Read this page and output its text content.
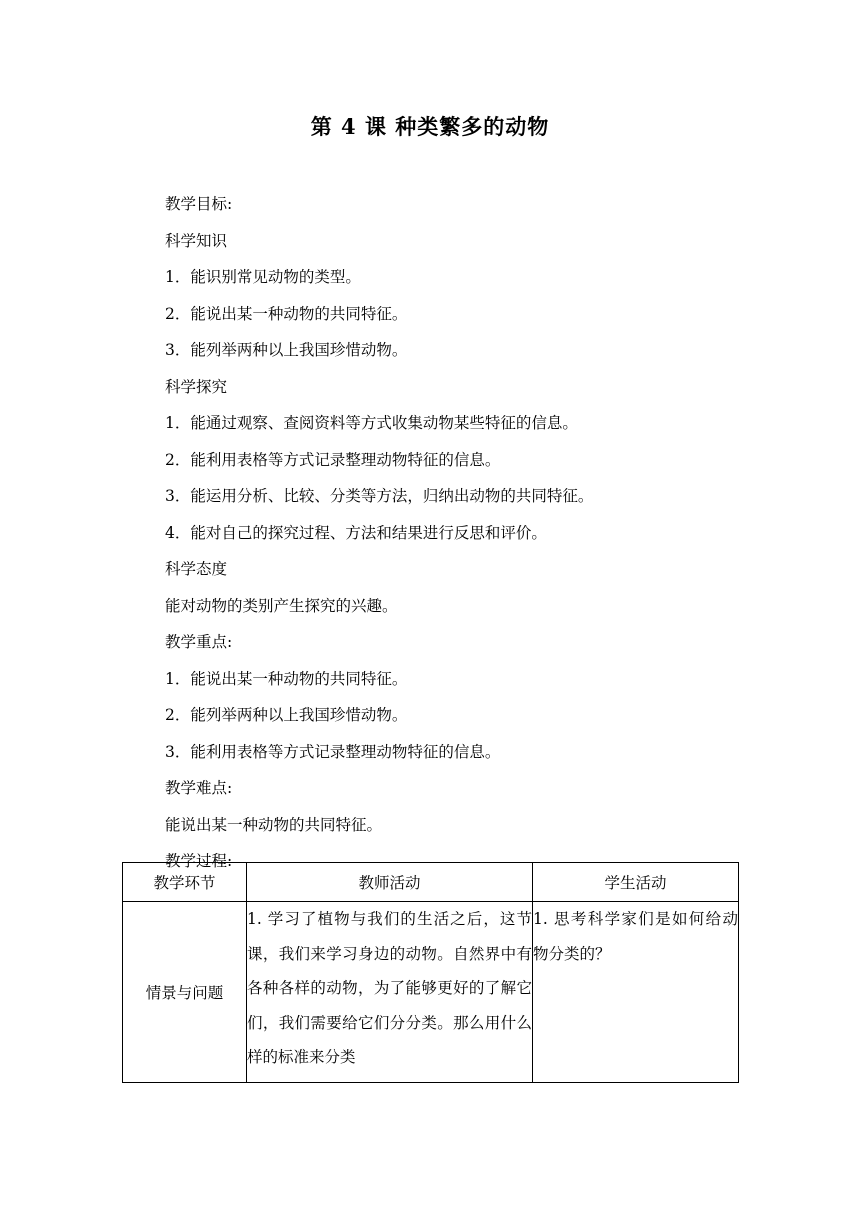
第 4 课 种类繁多的动物
教学目标:
科学知识
1．能识别常见动物的类型。
2．能说出某一种动物的共同特征。
3．能列举两种以上我国珍惜动物。
科学探究
1．能通过观察、查阅资料等方式收集动物某些特征的信息。
2．能利用表格等方式记录整理动物特征的信息。
3．能运用分析、比较、分类等方法，归纳出动物的共同特征。
4．能对自己的探究过程、方法和结果进行反思和评价。
科学态度
能对动物的类别产生探究的兴趣。
教学重点:
1．能说出某一种动物的共同特征。
2．能列举两种以上我国珍惜动物。
3．能利用表格等方式记录整理动物特征的信息。
教学难点:
能说出某一种动物的共同特征。
教学过程:
教学环节	教师活动	学生活动
情景与问题	1. 学习了植物与我们的生活之后，这节课，我们来学习身边的动物。自然界中有各种各样的动物，为了能够更好的了解它们，我们需要给它们分分类。那么用什么样的标准来分类	1. 思考科学家们是如何给动物分类的？
